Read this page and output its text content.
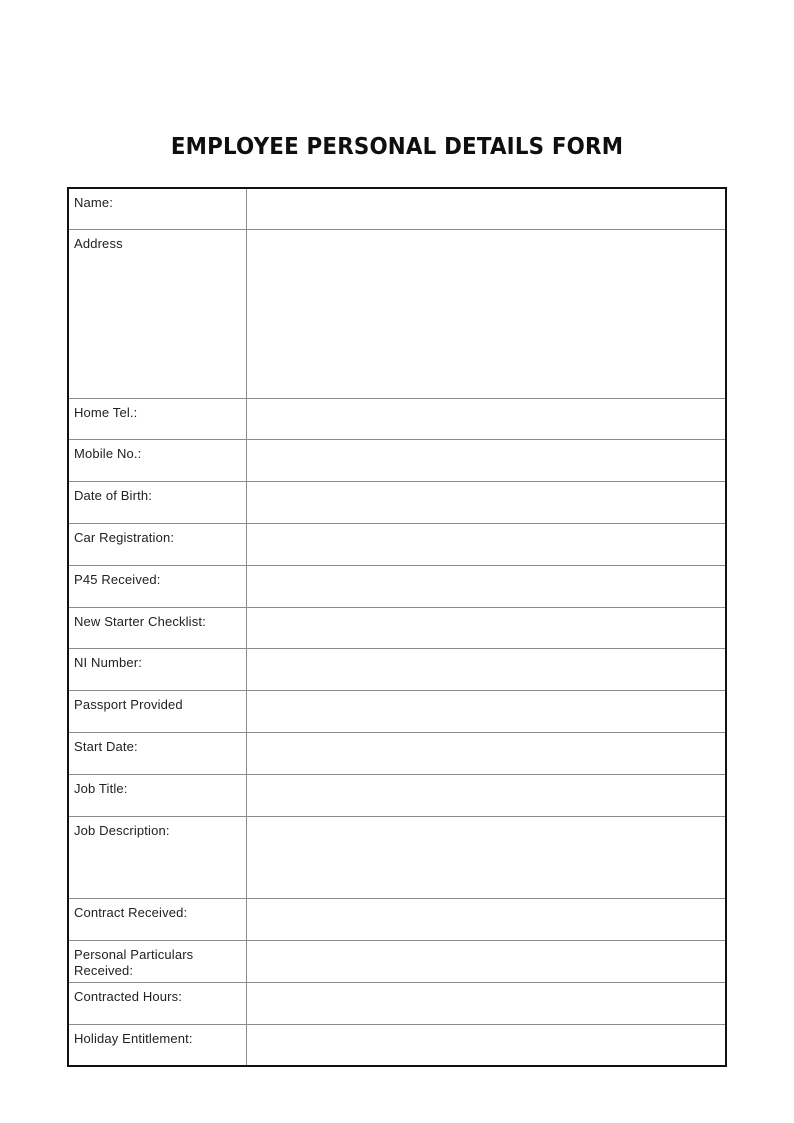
EMPLOYEE PERSONAL DETAILS FORM
Name:	
Address	
Home Tel.:	
Mobile No.:	
Date of Birth:	
Car Registration:	
P45 Received:	
New Starter Checklist:	
NI Number:	
Passport Provided	
Start Date:	
Job Title:	
Job Description:	
Contract Received:	
Personal Particulars Received:	
Contracted Hours:	
Holiday Entitlement:	
